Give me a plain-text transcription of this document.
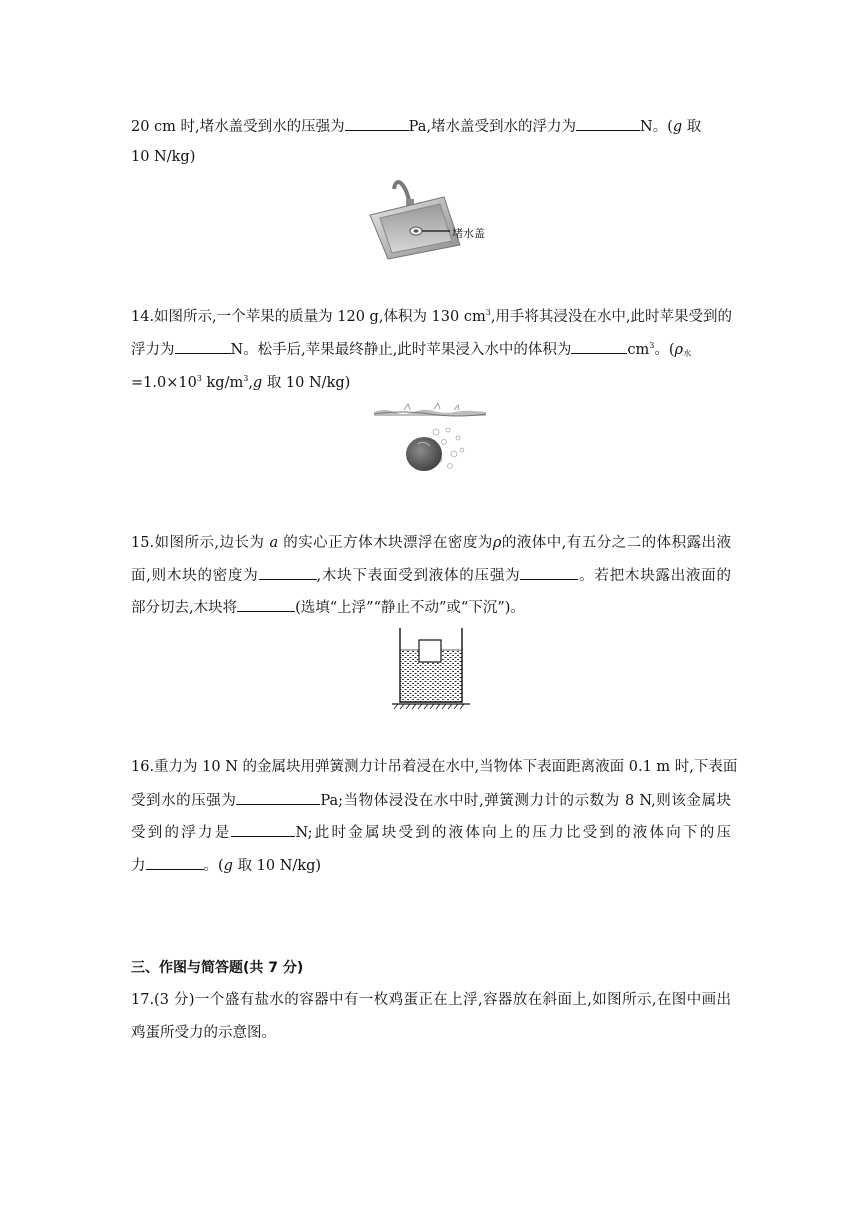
20 cm 时,堵水盖受到水的压强为	Pa,堵水盖受到水的浮力为	N。(g 取
10 N/kg)
堵水盖
14.如图所示,一个苹果的质量为 120 g,体积为 130 $cm^3$,用手将其浸没在水中,此时苹果受到的
浮力为	N。松手后,苹果最终静止,此时苹果浸入水中的体积为	$cm^3$。($\rho_水$
$=1.0\times 10^3$ $kg/m^3,g$ 取 10 N/kg)
15.如图所示,边长为 a 的实心正方体木块漂浮在密度为ρ的液体中,有五分之二的体积露出液
面,则木块的密度为	,木块下表面受到液体的压强为	。若把木块露出液面的
部分切去,木块将	(选填“上浮”“静止不动”或“下沉”)。
16.重力为 10 N 的金属块用弹簧测力计吊着浸在水中,当物体下表面距离液面 0.1 m 时,下表面
受到水的压强为	Pa;当物体浸没在水中时,弹簧测力计的示数为 8 N,则该金属块
受到的浮力是	N;此时金属块受到的液体向上的压力比受到的液体向下的压
力	。(g 取 10 N/kg)
三、作图与简答题(共 7 分)
17.(3 分)一个盛有盐水的容器中有一枚鸡蛋正在上浮,容器放在斜面上,如图所示,在图中画出
鸡蛋所受力的示意图。
